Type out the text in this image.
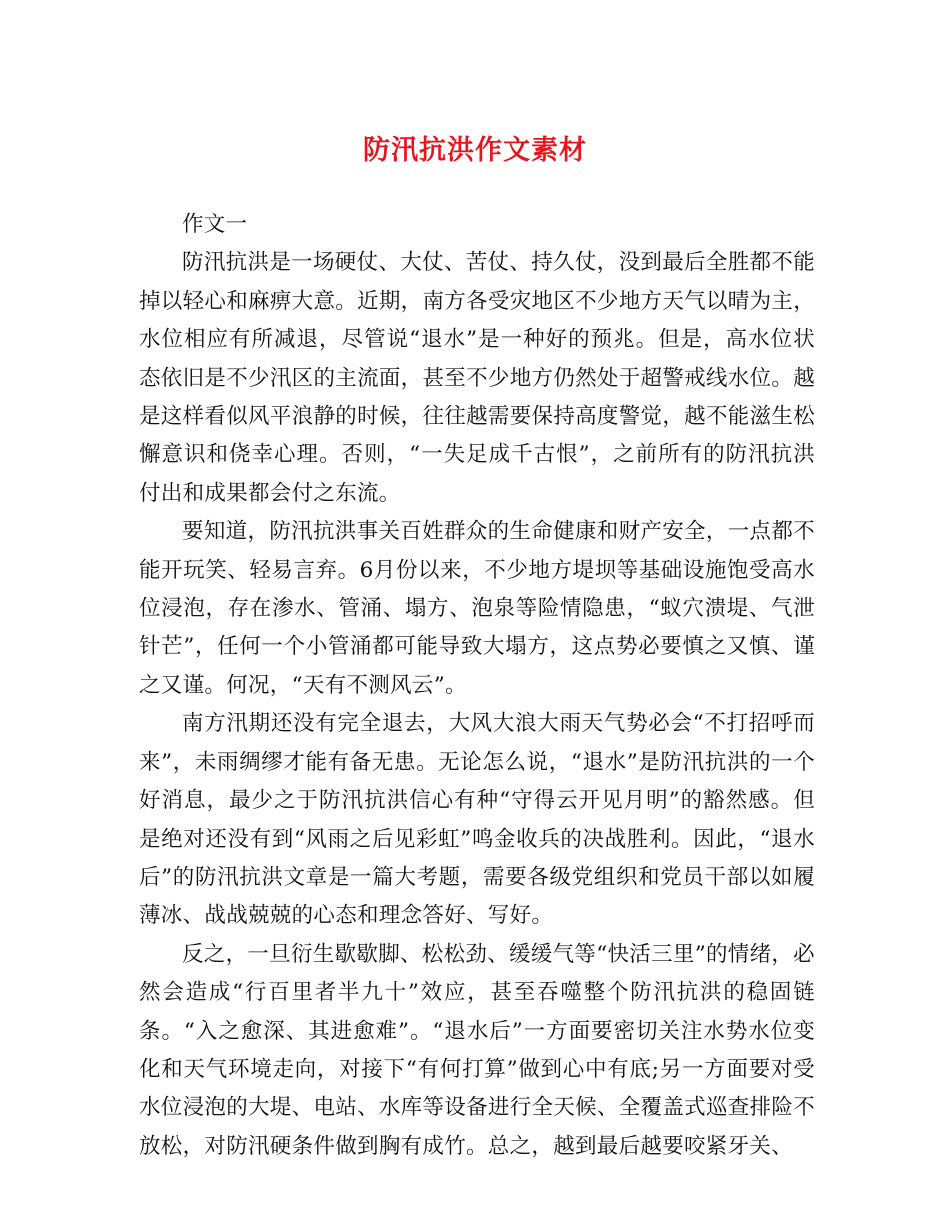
防汛抗洪作文素材

作文一

防汛抗洪是一场硬仗、大仗、苦仗、持久仗，没到最后全胜都不能掉以轻心和麻痹大意。近期，南方各受灾地区不少地方天气以晴为主，水位相应有所减退，尽管说“退水”是一种好的预兆。但是，高水位状态依旧是不少汛区的主流面，甚至不少地方仍然处于超警戒线水位。越是这样看似风平浪静的时候，往往越需要保持高度警觉，越不能滋生松懈意识和侥幸心理。否则，“一失足成千古恨”，之前所有的防汛抗洪付出和成果都会付之东流。

要知道，防汛抗洪事关百姓群众的生命健康和财产安全，一点都不能开玩笑、轻易言弃。6月份以来，不少地方堤坝等基础设施饱受高水位浸泡，存在渗水、管涌、塌方、泡泉等险情隐患，“蚁穴溃堤、气泄针芒”，任何一个小管涌都可能导致大塌方，这点势必要慎之又慎、谨之又谨。何况，“天有不测风云”。

南方汛期还没有完全退去，大风大浪大雨天气势必会“不打招呼而来”，未雨绸缪才能有备无患。无论怎么说，“退水”是防汛抗洪的一个好消息，最少之于防汛抗洪信心有种“守得云开见月明”的豁然感。但是绝对还没有到“风雨之后见彩虹”鸣金收兵的决战胜利。因此，“退水后”的防汛抗洪文章是一篇大考题，需要各级党组织和党员干部以如履薄冰、战战兢兢的心态和理念答好、写好。

反之，一旦衍生歇歇脚、松松劲、缓缓气等“快活三里”的情绪，必然会造成“行百里者半九十”效应，甚至吞噬整个防汛抗洪的稳固链条。“入之愈深、其进愈难”。“退水后”一方面要密切关注水势水位变化和天气环境走向，对接下“有何打算”做到心中有底;另一方面要对受水位浸泡的大堤、电站、水库等设备进行全天候、全覆盖式巡查排险不放松，对防汛硬条件做到胸有成竹。总之，越到最后越要咬紧牙关、
